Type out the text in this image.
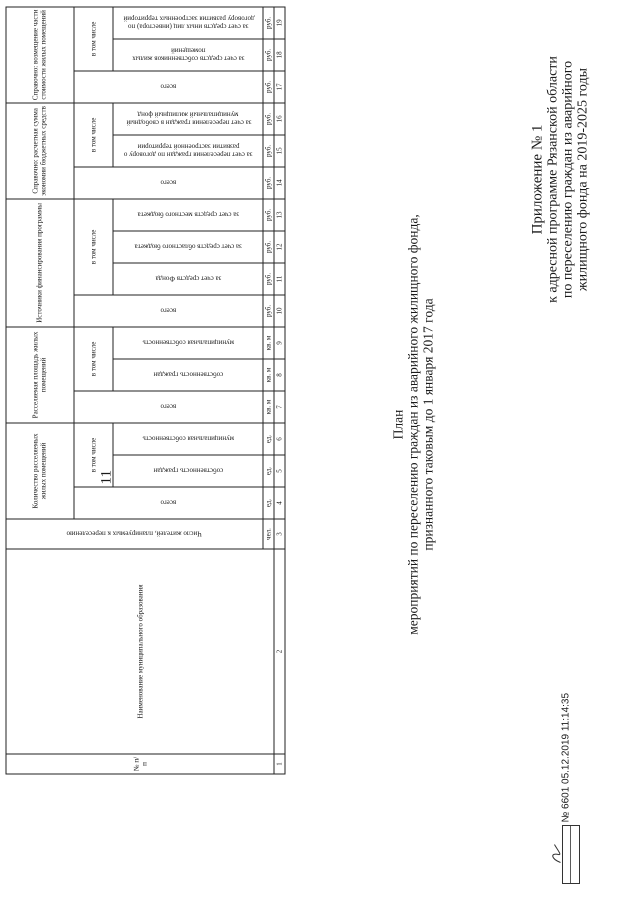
11
Приложение № 1 к адресной программе Рязанской области по переселению граждан из аварийного жилищного фонда на 2019-2025 годы
План мероприятий по переселению граждан из аварийного жилищного фонда, признанного таковым до 1 января 2017 года
№ п/п	Наименование муниципального образования	Число жителей, планируемых к переселению	Количество расселяемых жилых помещений			Расселяемая площадь жилых помещений			Источники финансирования программы				Справочно: расчетная сумма экономии бюджетных средств			Справочно: возмещение части стоимости жилых помещений		

			всего	в том числе		всего	в том числе		всего	в том числе			всего	в том числе		всего	в том числе	

				собственность граждан	муниципальная собственность		собственность граждан	муниципальная собственность		за счет средств Фонда	за счет средств областного бюджета	за счет средств местного бюджета		за счет переселения граждан по договору о развитии застроенной территории	за счет переселения граждан в свободный муниципальный жилищный фонд		за счет средств собственников жилых помещений	за счет средств иных лиц (инвестора) по договору развития застроенных территорий

		чел.	ед.	ед.	ед.	кв. м	кв. м	кв. м	руб.	руб.	руб.	руб.	руб.	руб.	руб.	руб.	руб.	руб.
1	2	3	4	5	6	7	8	9	10	11	12	13	14	15	16	17	18	19
№ 6601 05.12.2019 11:14:35
